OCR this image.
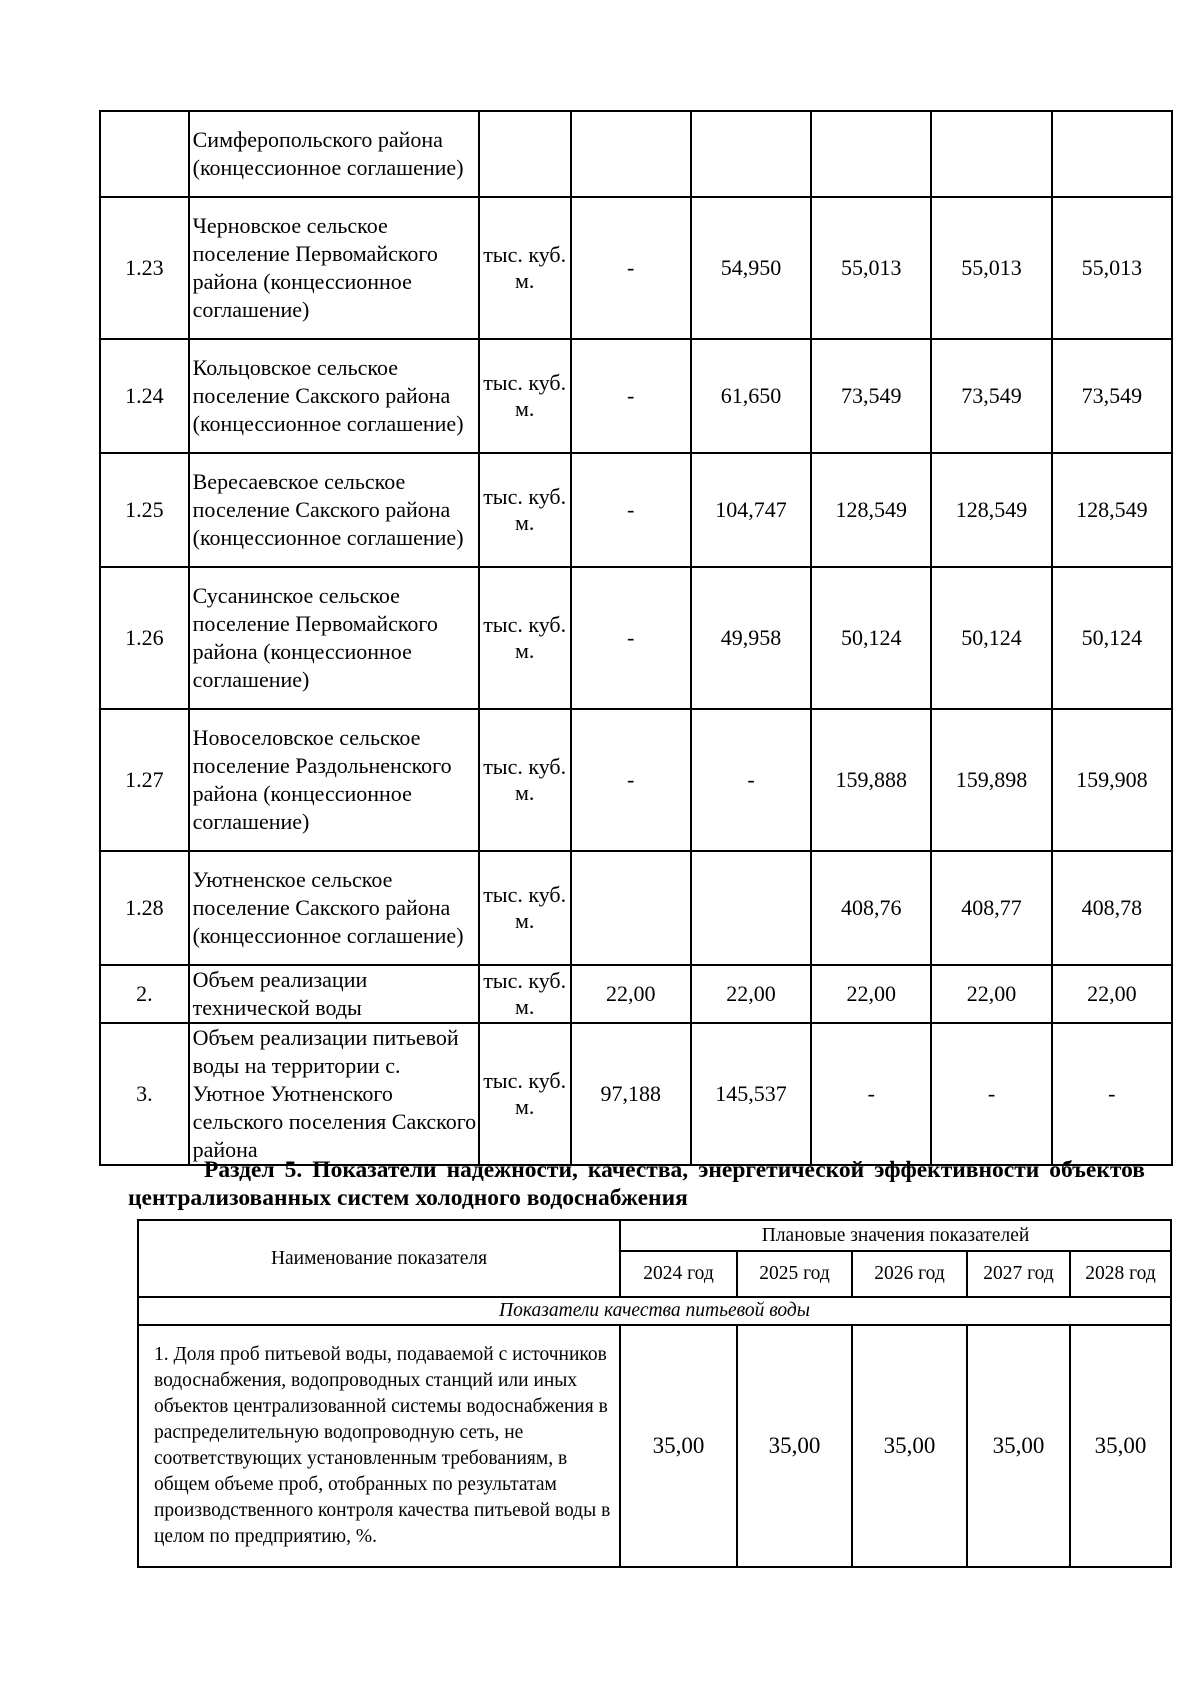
	Симферопольского района (концессионное соглашение)						
1.23	Черновское сельское поселение Первомайского района (концессионное соглашение)	тыс. куб. м.	-	54,950	55,013	55,013	55,013
1.24	Кольцовское сельское поселение Сакского района (концессионное соглашение)	тыс. куб. м.	-	61,650	73,549	73,549	73,549
1.25	Вересаевское сельское поселение Сакского района (концессионное соглашение)	тыс. куб. м.	-	104,747	128,549	128,549	128,549
1.26	Сусанинское сельское поселение Первомайского района (концессионное соглашение)	тыс. куб. м.	-	49,958	50,124	50,124	50,124
1.27	Новоселовское сельское поселение Раздольненского района (концессионное соглашение)	тыс. куб. м.	-	-	159,888	159,898	159,908
1.28	Уютненское сельское поселение Сакского района (концессионное соглашение)	тыс. куб. м.			408,76	408,77	408,78
2.	Объем реализации технической воды	тыс. куб. м.	22,00	22,00	22,00	22,00	22,00
3.	Объем реализации питьевой воды на территории с. Уютное Уютненского сельского поселения Сакского района	тыс. куб. м.	97,188	145,537	-	-	-

Раздел 5. Показатели надежности, качества, энергетической эффективности объектов централизованных систем холодного водоснабжения

Наименование показателя	Плановые значения показателей				
	2024 год	2025 год	2026 год	2027 год	2028 год
Показатели качества питьевой воды					
1. Доля проб питьевой воды, подаваемой с источников водоснабжения, водопроводных станций или иных объектов централизованной системы водоснабжения в распределительную водопроводную сеть, не соответствующих установленным требованиям, в общем объеме проб, отобранных по результатам производственного контроля качества питьевой воды в целом по предприятию, %.	35,00	35,00	35,00	35,00	35,00
